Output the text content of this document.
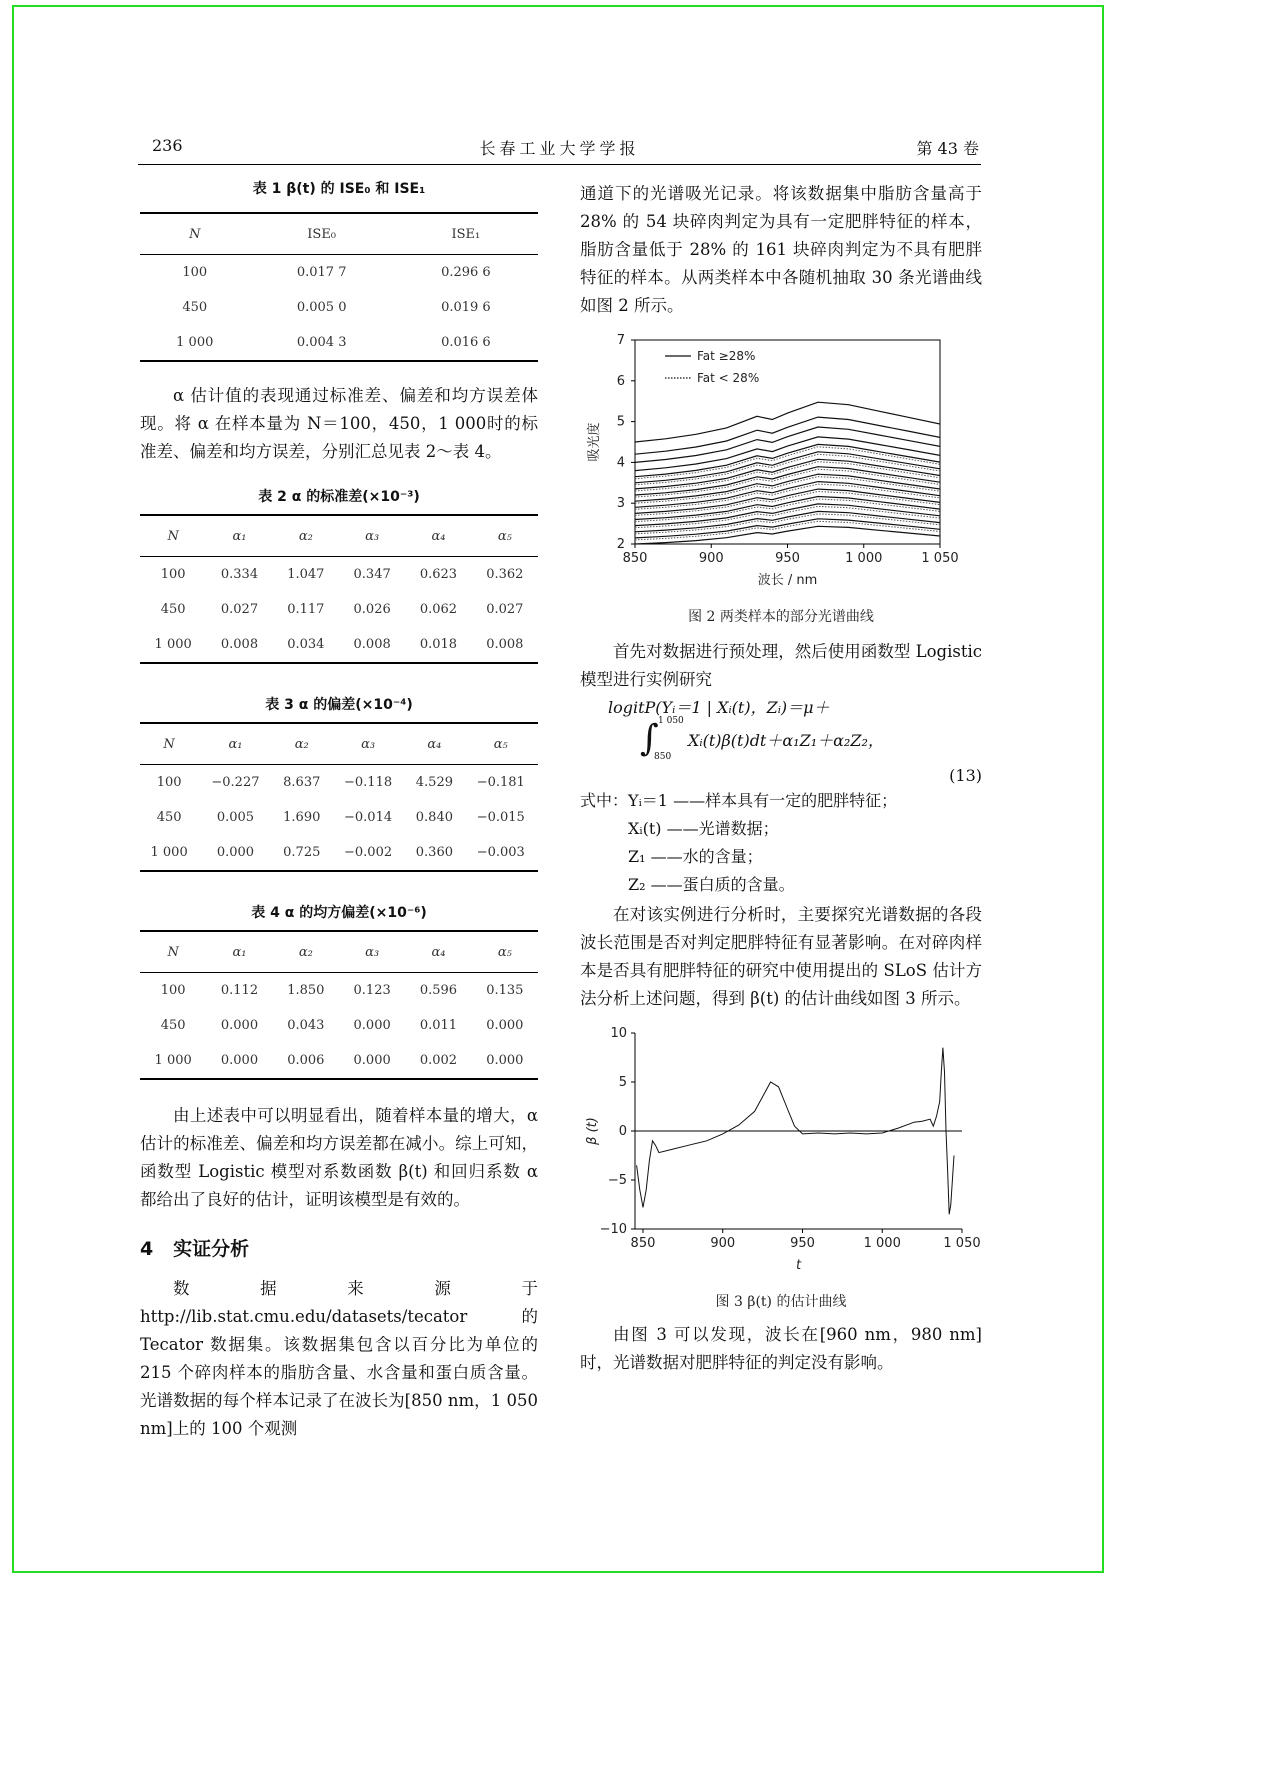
236	长春工业大学学报	第 43 卷
表 1 β(t) 的 ISE₀ 和 ISE₁
N	ISE₀	ISE₁
100	0.017 7	0.296 6
450	0.005 0	0.019 6
1 000	0.004 3	0.016 6

α 估计值的表现通过标准差、偏差和均方误差体现。将 α 在样本量为 N＝100，450，1 000时的标准差、偏差和均方误差，分别汇总见表 2～表 4。

表 2 α 的标准差(×10⁻³)
N	α₁	α₂	α₃	α₄	α₅
100	0.334	1.047	0.347	0.623	0.362
450	0.027	0.117	0.026	0.062	0.027
1 000	0.008	0.034	0.008	0.018	0.008
表 3 α 的偏差(×10⁻⁴)
N	α₁	α₂	α₃	α₄	α₅
100	−0.227	8.637	−0.118	4.529	−0.181
450	0.005	1.690	−0.014	0.840	−0.015
1 000	0.000	0.725	−0.002	0.360	−0.003
表 4 α 的均方偏差(×10⁻⁶)
N	α₁	α₂	α₃	α₄	α₅
100	0.112	1.850	0.123	0.596	0.135
450	0.000	0.043	0.000	0.011	0.000
1 000	0.000	0.006	0.000	0.002	0.000

由上述表中可以明显看出，随着样本量的增大，α 估计的标准差、偏差和均方误差都在减小。综上可知，函数型 Logistic 模型对系数函数 β(t) 和回归系数 α 都给出了良好的估计，证明该模型是有效的。

4 实证分析

数据来源于 http://lib.stat.cmu.edu/datasets/tecator 的 Tecator 数据集。该数据集包含以百分比为单位的 215 个碎肉样本的脂肪含量、水含量和蛋白质含量。光谱数据的每个样本记录了在波长为[850 nm，1 050 nm]上的 100 个观测

通道下的光谱吸光记录。将该数据集中脂肪含量高于 28% 的 54 块碎肉判定为具有一定肥胖特征的样本，脂肪含量低于 28% 的 161 块碎肉判定为不具有肥胖特征的样本。从两类样本中各随机抽取 30 条光谱曲线如图 2 所示。

2
3
4
5
6
7
850	900	950	1 000	1 050
吸光度
波长 / nm
Fat ≥28%
Fat < 28%
图 2 两类样本的部分光谱曲线

首先对数据进行预处理，然后使用函数型 Logistic 模型进行实例研究

logitP(Yᵢ＝1 | Xᵢ(t)，Zᵢ)＝μ＋
∫ 1 050
850
Xᵢ(t)β(t)dt＋α₁Z₁＋α₂Z₂，
(13)
式中：Yᵢ＝1 ——样本具有一定的肥胖特征；
Xᵢ(t) ——光谱数据；
Z₁ ——水的含量；
Z₂ ——蛋白质的含量。

在对该实例进行分析时，主要探究光谱数据的各段波长范围是否对判定肥胖特征有显著影响。在对碎肉样本是否具有肥胖特征的研究中使用提出的 SLoS 估计方法分析上述问题，得到 β(t) 的估计曲线如图 3 所示。

−10
−5
0
5
10
850	900	950	1 000	1 050
β (t)
t
图 3 β(t) 的估计曲线

由图 3 可以发现，波长在[960 nm，980 nm]时，光谱数据对肥胖特征的判定没有影响。
